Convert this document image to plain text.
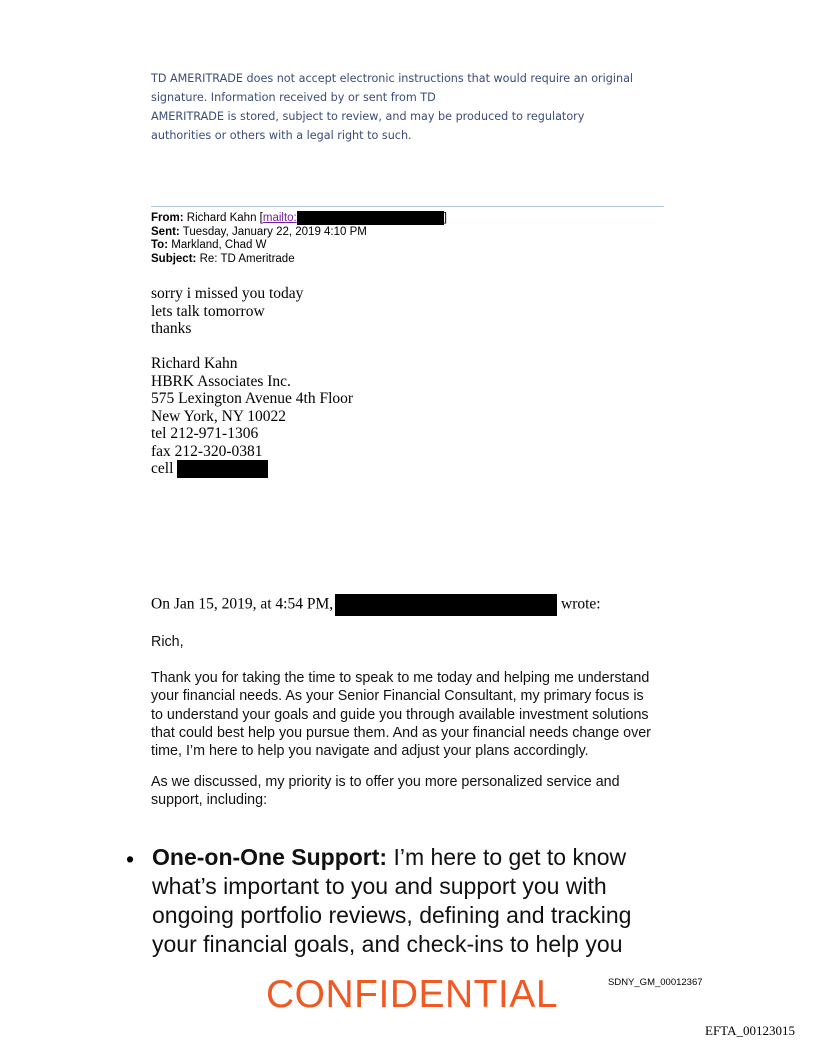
TD AMERITRADE does not accept electronic instructions that would require an original
signature. Information received by or sent from TD
AMERITRADE is stored, subject to review, and may be produced to regulatory
authorities or others with a legal right to such.
From: Richard Kahn [mailto:	]
Sent: Tuesday, January 22, 2019 4:10 PM
To: Markland, Chad W
Subject: Re: TD Ameritrade
sorry i missed you today
lets talk tomorrow
thanks
Richard Kahn
HBRK Associates Inc.
575 Lexington Avenue 4th Floor
New York, NY 10022
tel 212-971-1306
fax 212-320-0381
cell
On Jan 15, 2019, at 4:54 PM,	wrote:
Rich,
Thank you for taking the time to speak to me today and helping me understand
your financial needs. As your Senior Financial Consultant, my primary focus is
to understand your goals and guide you through available investment solutions
that could best help you pursue them. And as your financial needs change over
time, I’m here to help you navigate and adjust your plans accordingly.
As we discussed, my priority is to offer you more personalized service and
support, including:
• One-on-One Support: I’m here to get to know
what’s important to you and support you with
ongoing portfolio reviews, defining and tracking
your financial goals, and check-ins to help you
SDNY_GM_00012367
CONFIDENTIAL
EFTA_00123015
